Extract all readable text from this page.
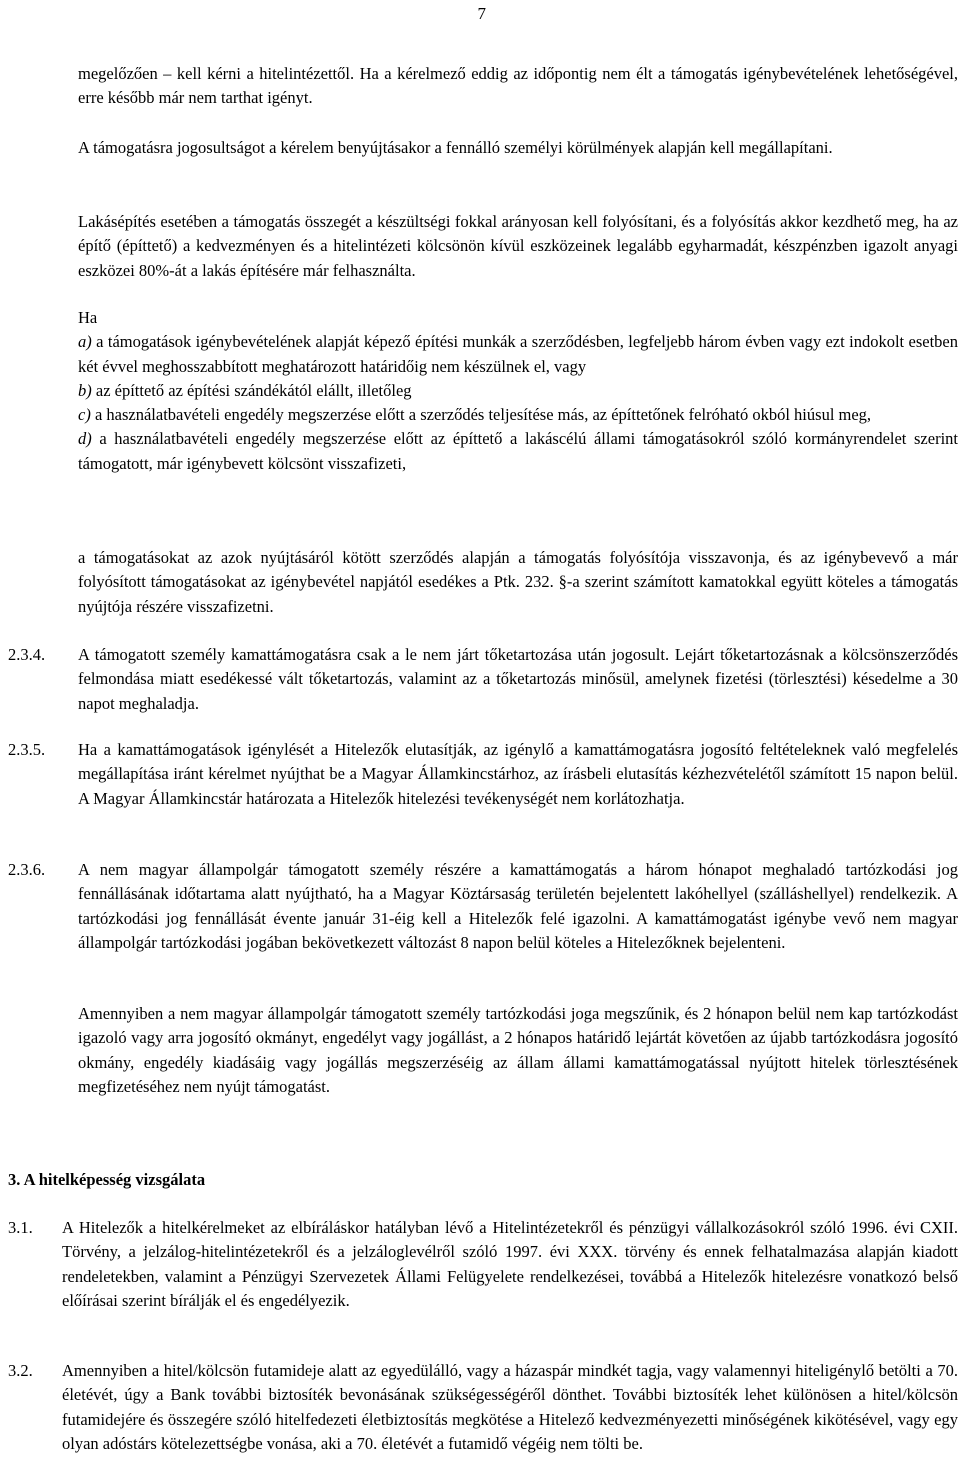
7

megelőzően – kell kérni a hitelintézettől. Ha a kérelmező eddig az időpontig nem élt a támogatás igénybevételének lehetőségével, erre később már nem tarthat igényt.

A támogatásra jogosultságot a kérelem benyújtásakor a fennálló személyi körülmények alapján kell megállapítani.

Lakásépítés esetében a támogatás összegét a készültségi fokkal arányosan kell folyósítani, és a folyósítás akkor kezdhető meg, ha az építő (építtető) a kedvezményen és a hitelintézeti kölcsönön kívül eszközeinek legalább egyharmadát, készpénzben igazolt anyagi eszközei 80%-át a lakás építésére már felhasználta.

Ha

a) a támogatások igénybevételének alapját képező építési munkák a szerződésben, legfeljebb három évben vagy ezt indokolt esetben két évvel meghosszabbított meghatározott határidőig nem készülnek el, vagy

b) az építtető az építési szándékától elállt, illetőleg

c) a használatbavételi engedély megszerzése előtt a szerződés teljesítése más, az építtetőnek felróható okból hiúsul meg,

d) a használatbavételi engedély megszerzése előtt az építtető a lakáscélú állami támogatásokról szóló kormányrendelet szerint támogatott, már igénybevett kölcsönt visszafizeti,

a támogatásokat az azok nyújtásáról kötött szerződés alapján a támogatás folyósítója visszavonja, és az igénybevevő a már folyósított támogatásokat az igénybevétel napjától esedékes a Ptk. 232. §-a szerint számított kamatokkal együtt köteles a támogatás nyújtója részére visszafizetni.

2.3.4.	A támogatott személy kamattámogatásra csak a le nem járt tőketartozása után jogosult. Lejárt tőketartozásnak a kölcsönszerződés felmondása miatt esedékessé vált tőketartozás, valamint az a tőketartozás minősül, amelynek fizetési (törlesztési) késedelme a 30 napot meghaladja.
2.3.5.	Ha a kamattámogatások igénylését a Hitelezők elutasítják, az igénylő a kamattámogatásra jogosító feltételeknek való megfelelés megállapítása iránt kérelmet nyújthat be a Magyar Államkincstárhoz, az írásbeli elutasítás kézhezvételétől számított 15 napon belül. A Magyar Államkincstár határozata a Hitelezők hitelezési tevékenységét nem korlátozhatja.
2.3.6.	A nem magyar állampolgár támogatott személy részére a kamattámogatás a három hónapot meghaladó tartózkodási jog fennállásának időtartama alatt nyújtható, ha a Magyar Köztársaság területén bejelentett lakóhellyel (szálláshellyel) rendelkezik. A tartózkodási jog fennállását évente január 31-éig kell a Hitelezők felé igazolni. A kamattámogatást igénybe vevő nem magyar állampolgár tartózkodási jogában bekövetkezett változást 8 napon belül köteles a Hitelezőknek bejelenteni.

Amennyiben a nem magyar állampolgár támogatott személy tartózkodási joga megszűnik, és 2 hónapon belül nem kap tartózkodást igazoló vagy arra jogosító okmányt, engedélyt vagy jogállást, a 2 hónapos határidő lejártát követően az újabb tartózkodásra jogosító okmány, engedély kiadásáig vagy jogállás megszerzéséig az állam állami kamattámogatással nyújtott hitelek törlesztésének megfizetéséhez nem nyújt támogatást.

3. A hitelképesség vizsgálata
3.1.	A Hitelezők a hitelkérelmeket az elbíráláskor hatályban lévő a Hitelintézetekről és pénzügyi vállalkozásokról szóló 1996. évi CXII. Törvény, a jelzálog-hitelintézetekről és a jelzáloglevélről szóló 1997. évi XXX. törvény és ennek felhatalmazása alapján kiadott rendeletekben, valamint a Pénzügyi Szervezetek Állami Felügyelete rendelkezései, továbbá a Hitelezők hitelezésre vonatkozó belső előírásai szerint bírálják el és engedélyezik.
3.2.	Amennyiben a hitel/kölcsön futamideje alatt az egyedülálló, vagy a házaspár mindkét tagja, vagy valamennyi hiteligénylő betölti a 70. életévét, úgy a Bank további biztosíték bevonásának szükségességéről dönthet. További biztosíték lehet különösen a hitel/kölcsön futamidejére és összegére szóló hitelfedezeti életbiztosítás megkötése a Hitelező kedvezményezetti minőségének kikötésével, vagy egy olyan adóstárs kötelezettségbe vonása, aki a 70. életévét a futamidő végéig nem tölti be.
